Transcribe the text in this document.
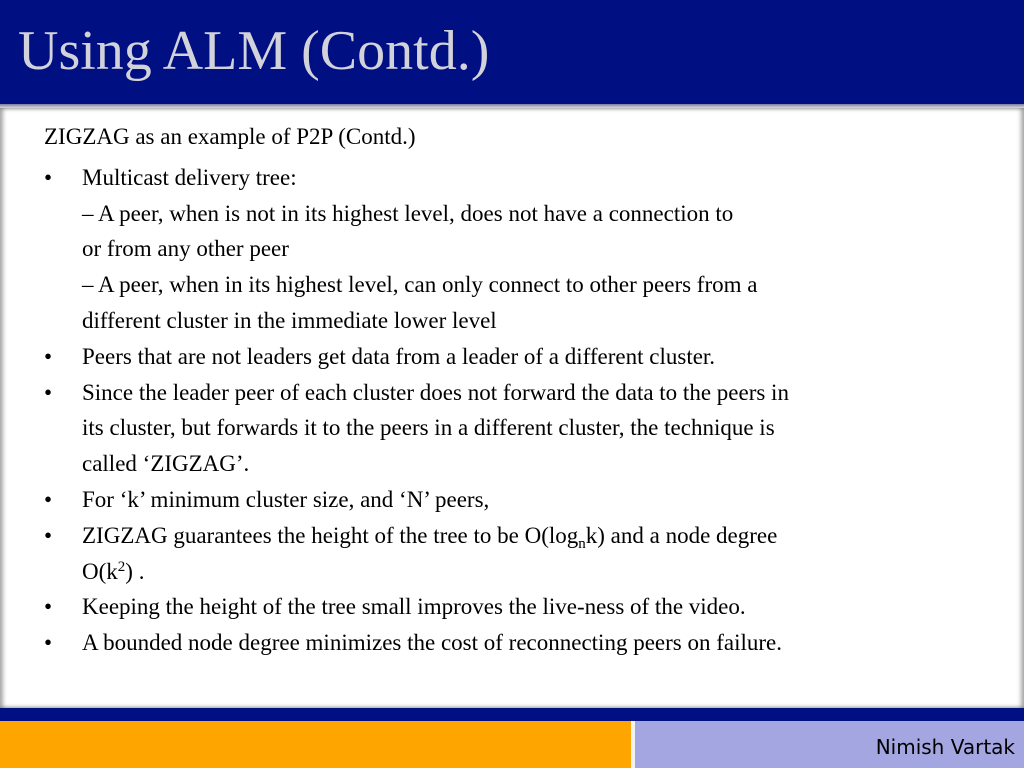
Using ALM (Contd.)

ZIGZAG as an example of P2P (Contd.)

•	Multicast delivery tree:
– A peer, when is not in its highest level, does not have a connection to
or from any other peer
– A peer, when in its highest level, can only connect to other peers from a
different cluster in the immediate lower level
•	Peers that are not leaders get data from a leader of a different cluster.
•	Since the leader peer of each cluster does not forward the data to the peers in
its cluster, but forwards it to the peers in a different cluster, the technique is
called ‘ZIGZAG’.
•	For ‘k’ minimum cluster size, and ‘N’ peers,
•	ZIGZAG guarantees the height of the tree to be $O(\log_nk)$ and a node degree
$O(k^2)$ .
•	Keeping the height of the tree small improves the live-ness of the video.
•	A bounded node degree minimizes the cost of reconnecting peers on failure.
Nimish Vartak
